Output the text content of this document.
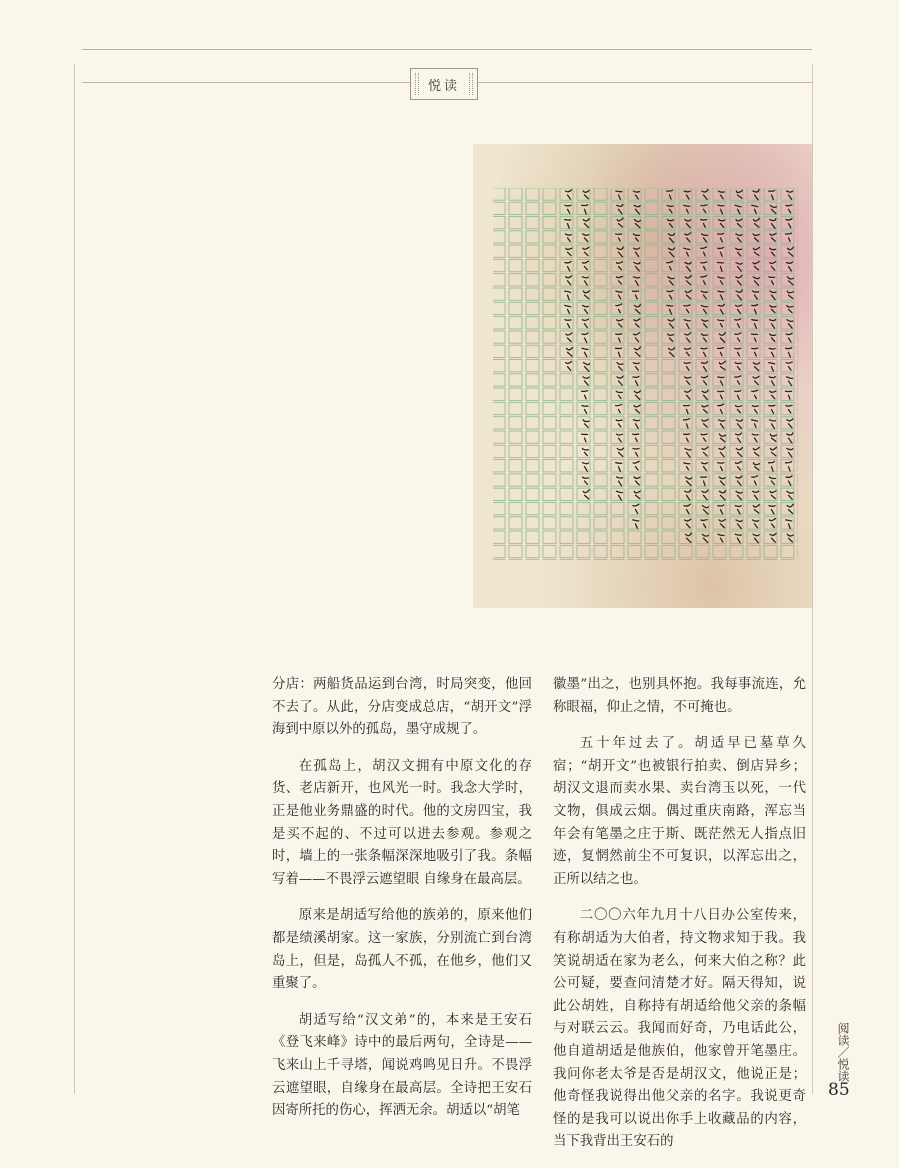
悦读

分店：两船货品运到台湾，时局突变，他回不去了。从此，分店变成总店，“胡开文”浮海到中原以外的孤岛，墨守成规了。

在孤岛上，胡汉文拥有中原文化的存货、老店新开，也风光一时。我念大学时，正是他业务鼎盛的时代。他的文房四宝，我是买不起的、不过可以进去参观。参观之时，墙上的一张条幅深深地吸引了我。条幅写着——不畏浮云遮望眼 自缘身在最高层。

原来是胡适写给他的族弟的，原来他们都是绩溪胡家。这一家族，分别流亡到台湾岛上，但是，岛孤人不孤，在他乡，他们又重聚了。

胡适写给“汉文弟”的，本来是王安石《登飞来峰》诗中的最后两句，全诗是——飞来山上千寻塔，闻说鸡鸣见日升。不畏浮云遮望眼，自缘身在最高层。全诗把王安石因寄所托的伤心，挥洒无余。胡适以“胡笔

徽墨”出之，也别具怀抱。我每事流连，允称眼福，仰止之情，不可掩也。

五十年过去了。胡适早已墓草久宿；“胡开文”也被银行拍卖、倒店异乡；胡汉文退而卖水果、卖台湾玉以死，一代文物，俱成云烟。偶过重庆南路，浑忘当年会有笔墨之庄于斯、既茫然无人指点旧迹，复惘然前尘不可复识，以浑忘出之，正所以结之也。

二〇〇六年九月十八日办公室传来，有称胡适为大伯者，持文物求知于我。我笑说胡适在家为老么，何来大伯之称？此公可疑，要查问清楚才好。隔天得知，说此公胡姓，自称持有胡适给他父亲的条幅与对联云云。我闻而好奇，乃电话此公，他自道胡适是他族伯，他家曾开笔墨庄。我问你老太爷是否是胡汉文，他说正是；他奇怪我说得出他父亲的名字。我说更奇怪的是我可以说出你手上收藏品的内容，当下我背出王安石的

阅读／悦读
85
